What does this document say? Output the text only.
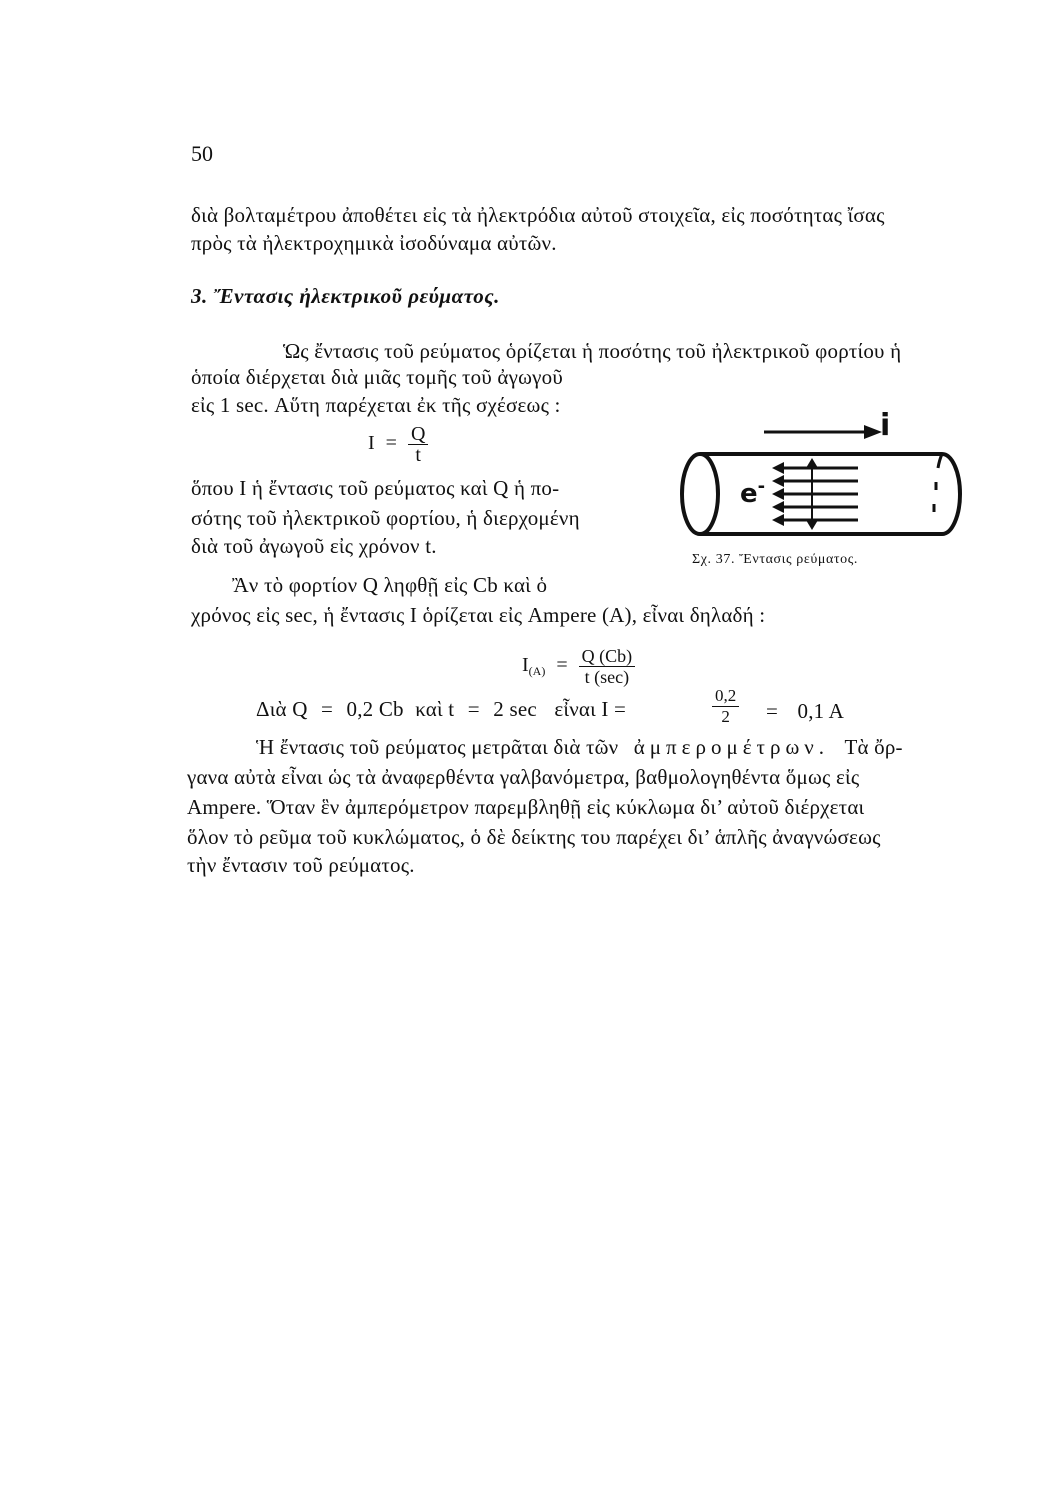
50
διὰ βολταμέτρου ἀποθέτει εἰς τὰ ἠλεκτρόδια αὐτοῦ στοιχεῖα, εἰς ποσότητας ἴσας
πρὸς τὰ ἠλεκτροχημικὰ ἰσοδύναμα αὐτῶν.
3. Ἔντασις ἠλεκτρικοῦ ρεύματος.
Ὡς ἔντασις τοῦ ρεύματος ὁρίζεται ἡ ποσότης τοῦ ἠλεκτρικοῦ φορτίου ἡ
ὁποία διέρχεται διὰ μιᾶς τομῆς τοῦ ἀγωγοῦ
εἰς 1 sec. Αὕτη παρέχεται ἐκ τῆς σχέσεως :
$I = \frac{Q}{t}$
ὅπου I ἡ ἔντασις τοῦ ρεύματος καὶ Q ἡ πο-
σότης τοῦ ἠλεκτρικοῦ φορτίου, ἡ διερχομένη
διὰ τοῦ ἀγωγοῦ εἰς χρόνον t.
i
e-
Σχ. 37. Ἔντασις ρεύματος.
Ἂν τὸ φορτίον Q ληφθῇ εἰς Cb καὶ ὁ
χρόνος εἰς sec, ἡ ἔντασις I ὁρίζεται εἰς Ampere (A), εἶναι δηλαδή :
$I_{(A)} = \frac{Q (Cb)}{t (\sec)}$
Διὰ Q = 0,2 Cb καὶ t = 2 sec εἶναι I =	$\frac{0,2}{2} = 0,1$ A
Ἡ ἔντασις τοῦ ρεύματος μετρᾶται διὰ τῶν ἀμπερομέτρων. Τὰ ὄρ-
γανα αὐτὰ εἶναι ὡς τὰ ἀναφερθέντα γαλβανόμετρα, βαθμολογηθέντα ὅμως εἰς
Ampere. Ὅταν ἓν ἀμπερόμετρον παρεμβληθῇ εἰς κύκλωμα δι’ αὐτοῦ διέρχεται
ὅλον τὸ ρεῦμα τοῦ κυκλώματος, ὁ δὲ δείκτης του παρέχει δι’ ἁπλῆς ἀναγνώσεως
τὴν ἔντασιν τοῦ ρεύματος.
